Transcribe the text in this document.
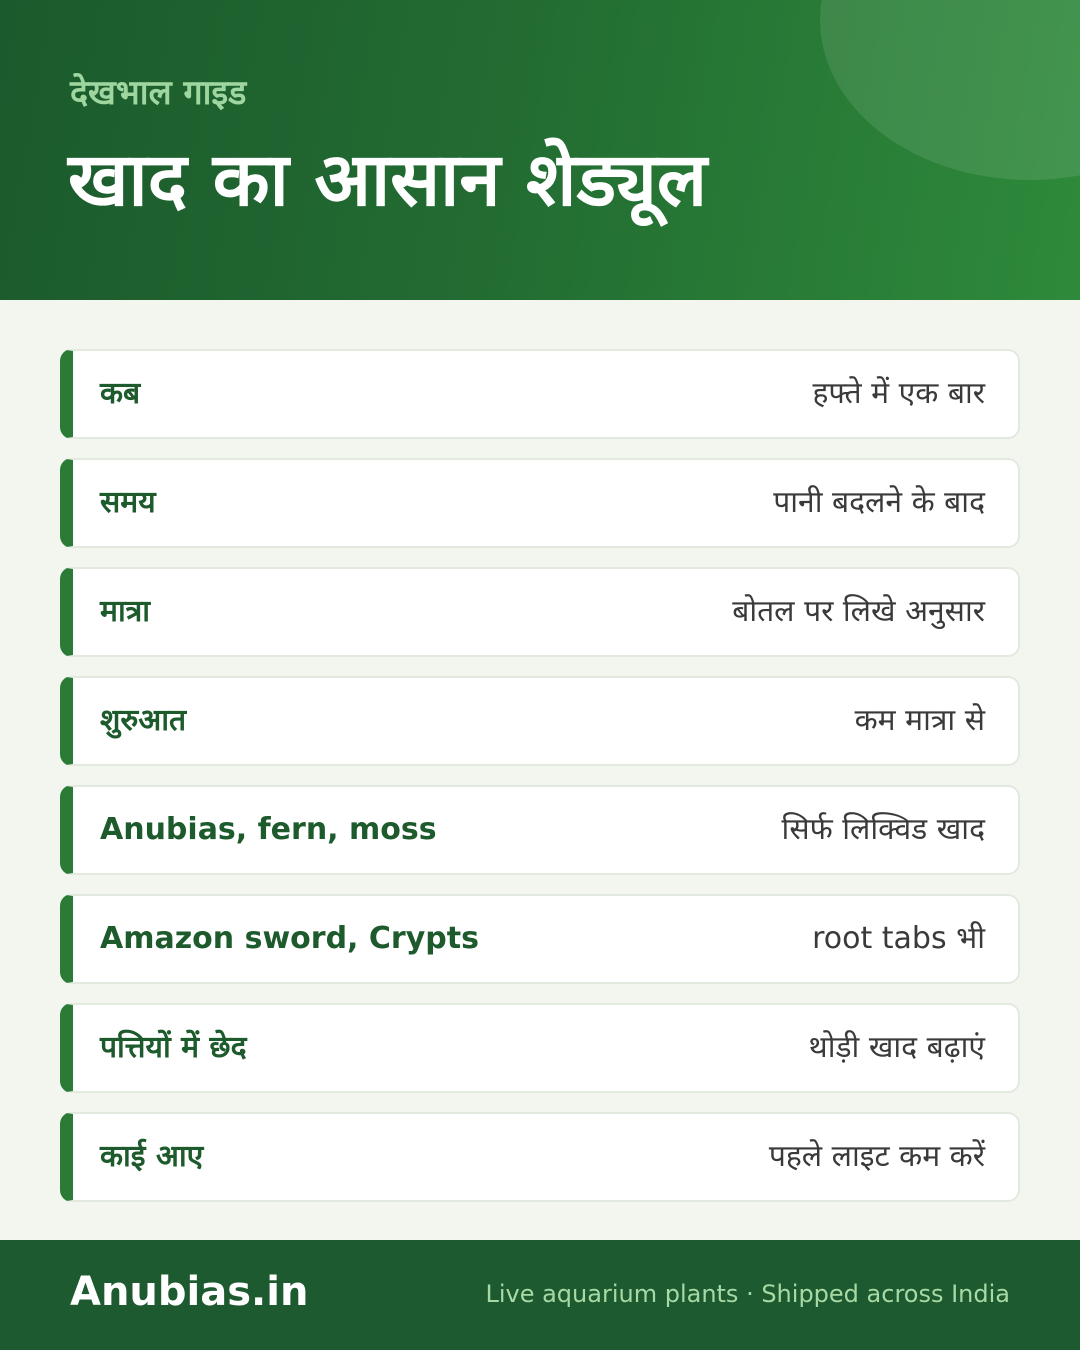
देखभाल गाइड
खाद का आसान शेड्यूल
कब	हफ्ते में एक बार
समय	पानी बदलने के बाद
मात्रा	बोतल पर लिखे अनुसार
शुरुआत	कम मात्रा से
Anubias, fern, moss	सिर्फ लिक्विड खाद
Amazon sword, Crypts	root tabs भी
पत्तियों में छेद	थोड़ी खाद बढ़ाएं
काई आए	पहले लाइट कम करें
Anubias.in	Live aquarium plants · Shipped across India
